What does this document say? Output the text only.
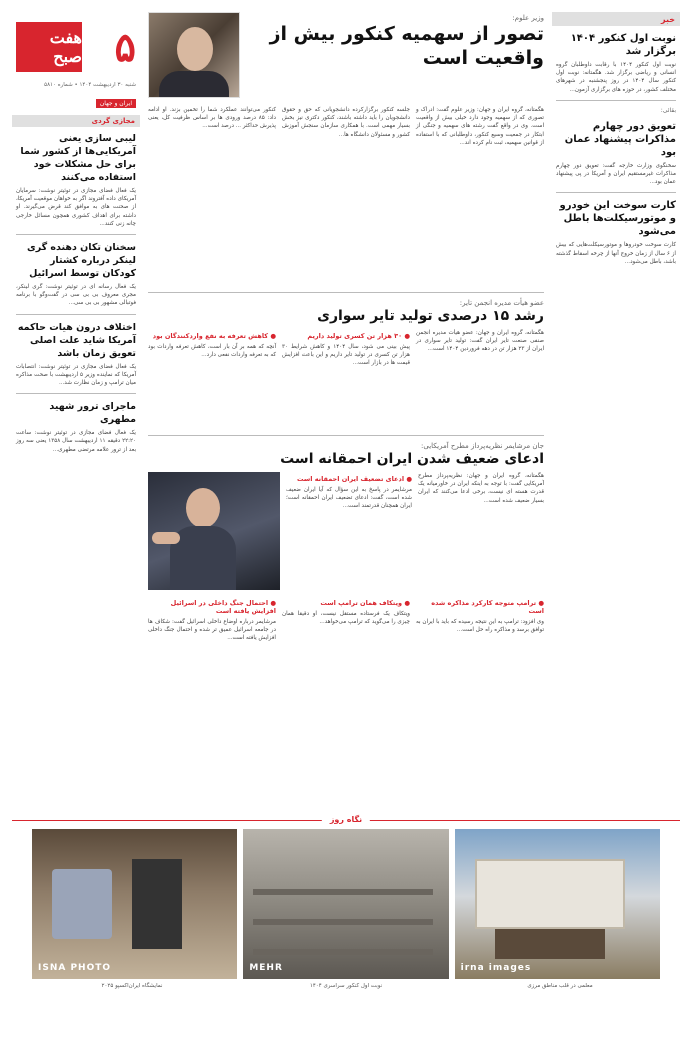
۵
هفت صبح
شنبه ۳۰ اردیبهشت ۱۴۰۴ • شماره ۵۸۱۰
ایران و جهان
مجازی گردی
لیبی سازی یعنی آمریکایی‌ها از کشور شما برای حل مشکلات خود استفاده می‌کنند
یک فعال فضای مجازی در توئیتر نوشت: سرمایان آمریکای داده آفتروند اگر به خواهان موقعیت آمریکا، از صحنت های به موافق کند قرض می‌گیرند. او داشته برای اهداف کشوری همچون مسائل خارجی چانه زنی کنند...
سخنان تکان دهنده گری لینکر درباره کشتار کودکان توسط اسرائیل
یک فعال رسانه ای در توئیتر نوشت: گری لینکر، مجری معروف بی بی سی در گفت‌وگو با برنامه فوتبالی مشهور بی بی سی...
اختلاف درون هیات حاکمه آمریکا شاید علت اصلی تعویق زمان باشد
یک فعال فضای مجازی در توئیتر نوشت: انتصابات آمریکا که نماینده وزیر ۵ اردیبهشت با صحت مذاکره میان ترامپ و زمان نظارت شد...
ماجرای ترور شهید مطهری
یک فعال فضای مجازی در توئیتر نوشت: ساعت ۲۲:۲۰ دقیقه ۱۱ اردیبهشت سال ۱۳۵۸ یعنی سه روز بعد از ترور علامه مرتضی مطهری...
وزیر علوم:
تصور از سهمیه کنکور بیش از واقعیت است
هگمتانه، گروه ایران و جهان: وزیر علوم گفت: ادراک و تصوری که از سهمیه وجود دارد خیلی بیش از واقعیت است. وی در واقع گفت رشته های سهمیه و جنگی از ابتکار در جمعیت وسیع کنکور، داوطلبانی که با استفاده از قوانین سهمیه، ثبت نام کرده اند...
جلسه کنکور برگزارکرده دانشجویانی که حق و حقوق دانشجویان را باید داشته باشند، کنکور دکتری نیز بخش بسیار مهمی است. با همکاری سازمان سنجش آموزش کشور و مسئولان دانشگاه ها...
کنکور می‌توانند عملکرد شما را تخمین بزند. او ادامه داد: ۸۵ درصد ورودی ها بر اساس ظرفیت کل، یعنی پذیرش حداکثر ... درصد است...
عضو هیأت مدیره انجمن تایر:
رشد ۱۵ درصدی تولید تایر سواری
هگمتانه، گروه ایران و جهان: عضو هیأت مدیره انجمن صنفی صنعت تایر ایران گفت: تولید تایر سواری در ایران از ۲۳ هزار تن در دهه فروردین ۱۴۰۴ است...
● ۳۰ هزار تن کسری تولید داریم
پیش بینی می شود، سال ۱۴۰۴ و کاهش شرایط ۳۰ هزار تن کسری در تولید تایر داریم و این باعث افزایش قیمت ها در بازار است...
● کاهش تعرفه به نفع واردکنندگان بود
آنچه که همه بر آن بار است، کاهش تعرفه واردات بود که به تعرفه واردات نفعی دارد...
جان مرشایمر نظریه‌پرداز مطرح آمریکایی:
ادعای ضعیف شدن ایران احمقانه است
هگمتانه، گروه ایران و جهان: نظریه‌پرداز مطرح آمریکایی گفت: با توجه به اینکه ایران در خاورمیانه یک قدرت هسته ای نیست، برخی ادعا می‌کنند که ایران بسیار ضعیف شده است...
● ادعای تضعیف ایران احمقانه است
مرشایمر در پاسخ به این سؤال که آیا ایران ضعیف شده است، گفت: ادعای تضعیف ایران احمقانه است؛ ایران همچنان قدرتمند است...
● ترامپ متوجه کارکرد مذاکره شده است
وی افزود: ترامپ به این نتیجه رسیده که باید با ایران به توافق برسد و مذاکره راه حل است...
● ویتکاف همان ترامپ است
ویتکاف یک فرستاده مستقل نیست، او دقیقا همان چیزی را می‌گوید که ترامپ می‌خواهد...
● احتمال جنگ داخلی در اسرائیل افزایش یافته است
مرشایمر درباره اوضاع داخلی اسرائیل گفت: شکاف ها در جامعه اسرائیل عمیق تر شده و احتمال جنگ داخلی افزایش یافته است...
خبر
نوبت اول کنکور ۱۴۰۴ برگزار شد
نوبت اول کنکور ۱۴۰۴ با رقابت داوطلبان گروه انسانی و ریاضی برگزار شد. هگمتانه: نوبت اول کنکور سال ۱۴۰۴ در روز پنجشنبه در شهرهای مختلف کشور، در حوزه های برگزاری آزمون...
بقائی:
تعویق دور چهارم مذاکرات پیشنهاد عمان بود
سخنگوی وزارت خارجه گفت: تعویق دور چهارم مذاکرات غیرمستقیم ایران و آمریکا در پی پیشنهاد عمان بود...
کارت سوخت این خودرو و موتورسیکلت‌ها باطل می‌شود
کارت سوخت خودروها و موتورسیکلت‌هایی که بیش از ۶ سال از زمان خروج آنها از چرخه اسقاط گذشته باشد، باطل می‌شود...
نگاه روز
ISNA PHOTO	MEHR	irna images
نمایشگاه ایران‌اکسپو ۲۰۲۵	نوبت اول کنکور سراسری ۱۴۰۴	معلمی در قلب مناطق مرزی
